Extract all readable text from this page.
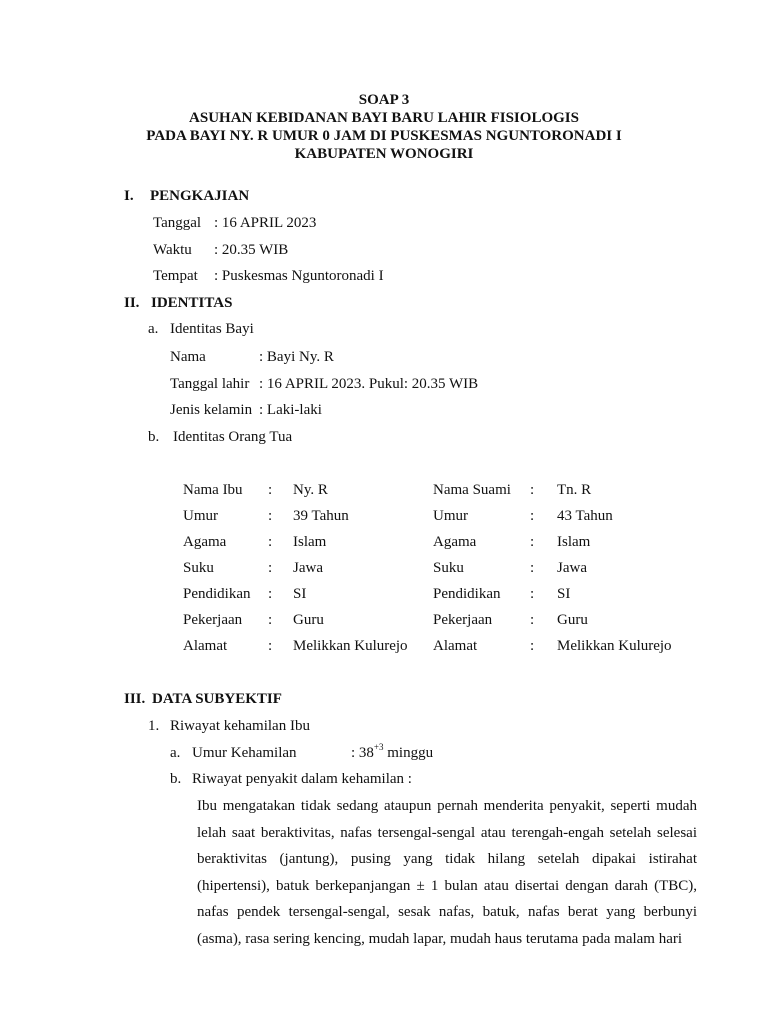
SOAP 3
ASUHAN KEBIDANAN BAYI BARU LAHIR FISIOLOGIS
PADA BAYI NY. R UMUR 0 JAM DI PUSKESMAS NGUNTORONADI I
KABUPATEN WONOGIRI
I. PENGKAJIAN
Tanggal : 16 APRIL 2023
Waktu : 20.35 WIB
Tempat : Puskesmas Nguntoronadi I
II. IDENTITAS
a. Identitas Bayi
Nama	: Bayi Ny. R
Tanggal lahir : 16 APRIL 2023. Pukul: 20.35 WIB
Jenis kelamin : Laki-laki
b. Identitas Orang Tua
Nama Ibu : Ny. R	Nama Suami : Tn. R
Umur	: 39 Tahun	Umur	: 43 Tahun
Agama	: Islam	Agama	: Islam
Suku	: Jawa	Suku	: Jawa
Pendidikan : SI	Pendidikan : SI
Pekerjaan : Guru	Pekerjaan	: Guru
Alamat	: Melikkan Kulurejo Alamat	: Melikkan Kulurejo
III. DATA SUBYEKTIF
1. Riwayat kehamilan Ibu
a. Umur Kehamilan	: $38^{+3}$ minggu
b. Riwayat penyakit dalam kehamilan :
Ibu mengatakan tidak sedang ataupun pernah menderita penyakit, seperti mudah lelah saat beraktivitas, nafas tersengal-sengal atau terengah-engah setelah selesai beraktivitas (jantung), pusing yang tidak hilang setelah dipakai istirahat (hipertensi), batuk berkepanjangan ± 1 bulan atau disertai dengan darah (TBC), nafas pendek tersengal-sengal, sesak nafas, batuk, nafas berat yang berbunyi (asma), rasa sering kencing, mudah lapar, mudah haus terutama pada malam hari
